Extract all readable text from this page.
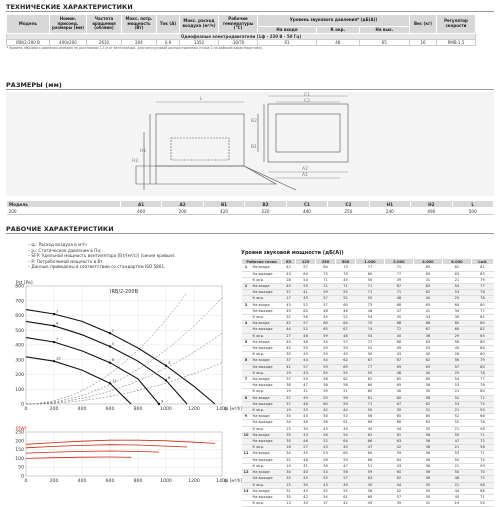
ТЕХНИЧЕСКИЕ ХАРАКТЕРИСТИКИ
Модель	Номин. присоед. размеры (мм)	Частота вращения (об/мин)	Макс. потр. мощность (Вт)	Ток (А)	Макс. расход воздуха (м³/ч)	Рабочие температуры (°С)	Уровень звукового давления* (дБ(А))			Вес (кг)	Регулятор скорости
							На входе	К окр.	На вых.		
Однофазные электродвигатели (1ф - 230 В - 50 Гц)											
IRB/2-200 B	400х200	2610	204	0,9	1350	-30/70	61	48	65	16	RMB-1,5
* Уровень звукового давления измерен на расстоянии 1,5 м от вентилятора, для пяти условий распространения (точка 2 на рабочей характеристике).											
РАЗМЕРЫ (мм)
L
H1
H2
B2
B1
C1
C2
A2
A1
Модель	A1	A2	B1	B2	C1	C2	H1	H2	L
200	400	200	420	220	440	250	240	490	500
РАБОЧИЕ ХАРАКТЕРИСТИКИ
– qᵥ: Расход воздуха в м³/ч
– pₛ: Статическое давление в Па;
– SFP: Удельной мощность вентилятора [Вт/(м³/с)] (синие кривые).
– P: Потребляемой мощность в Вт.
– Данные приведены в соответствии со стандартом ISO 5801.
0	200	400	600	800	1000	1200	1400
0
100
200
300
400
500
600
700
800
Pst [Pa]
qᵥ [м³/h]
IRB/2-200B
1
2
3
4
5
6
7
8
9
10
11
0	200	400	600	800	1000	1200	1400
0
50
100
150
200
250
P[W]
qᵥ [м³/h]
Уровни звуковой мощности (дБ(А))
Рабочая точка		63	125	250	500	1.000	2.000	4.000	8.000	LwA
1	На входе	42	57	64	73	77	71	65	62	81
	На выходе	43	64	70	78	80	77	69	63	85
	К окр.	28	54	71	45	50	39	31	21	79
2	На входе	40	55	71	71	71	67	63	54	77
	На выходе	37	41	59	55	71	71	62	53	78
	К окр.	17	45	57	52	55	48	40	25	78
3	На входе	43	52	57	60	73	68	65	60	80
	На выходе	45	60	48	46	46	47	41	34	77
	К окр.	32	56	55	52	54	45	43	30	61
4	На входе	42	57	60	64	70	68	66	60	80
	На выходе	44	52	65	67	74	72	67	60	82
	К окр.	27	46	59	48	54	40	36	29	65
5	На входе	40	48	54	57	72	66	63	56	80
	На выходе	45	59	59	59	52	49	53	45	80
	К окр.	35	45	59	49	50	43	40	26	60
6	На входе	37	44	54	62	67	67	62	56	79
	На выходе	41	57	59	69	77	69	63	57	80
	К окр.	19	43	55	55	55	48	40	25	78
7	На входе	37	50	58	62	62	65	60	54	77
	На выходе	38	47	58	58	60	65	58	53	78
	К окр.	19	31	39	51	60	40	30	21	60
8	На входе	37	49	55	59	61	60	58	52	72
	На выходе	37	46	60	59	71	67	62	53	75
	К окр.	19	33	42	44	50	39	31	21	59
9	На входе	35	45	58	53	56	65	60	52	66
	На выходе	34	46	56	61	69	66	63	52	76
	К окр.	15	30	43	49	45	44	35	21	58
10	На входе	35	43	56	54	62	61	56	50	71
	На выходе	35	46	52	64	66	63	56	47	72
	К окр.	16	27	43	40	47	42	36	21	56
11	На входе	34	45	53	60	60	59	58	53	71
	На выходе	32	48	58	59	66	64	56	50	75
	К окр.	19	31	39	47	51	43	36	21	59
12	На входе	34	40	53	56	59	60	56	50	70
	На выходе	35	45	55	57	63	62	56	48	72
	К окр.	15	30	43	49	45	44	35	21	58
13	На входе	31	40	52	55	58	52	50	44	68
	На выходе	35	42	54	61	60	57	50	45	71
	К окр.	13	30	37	42	45	39	31	19	54
